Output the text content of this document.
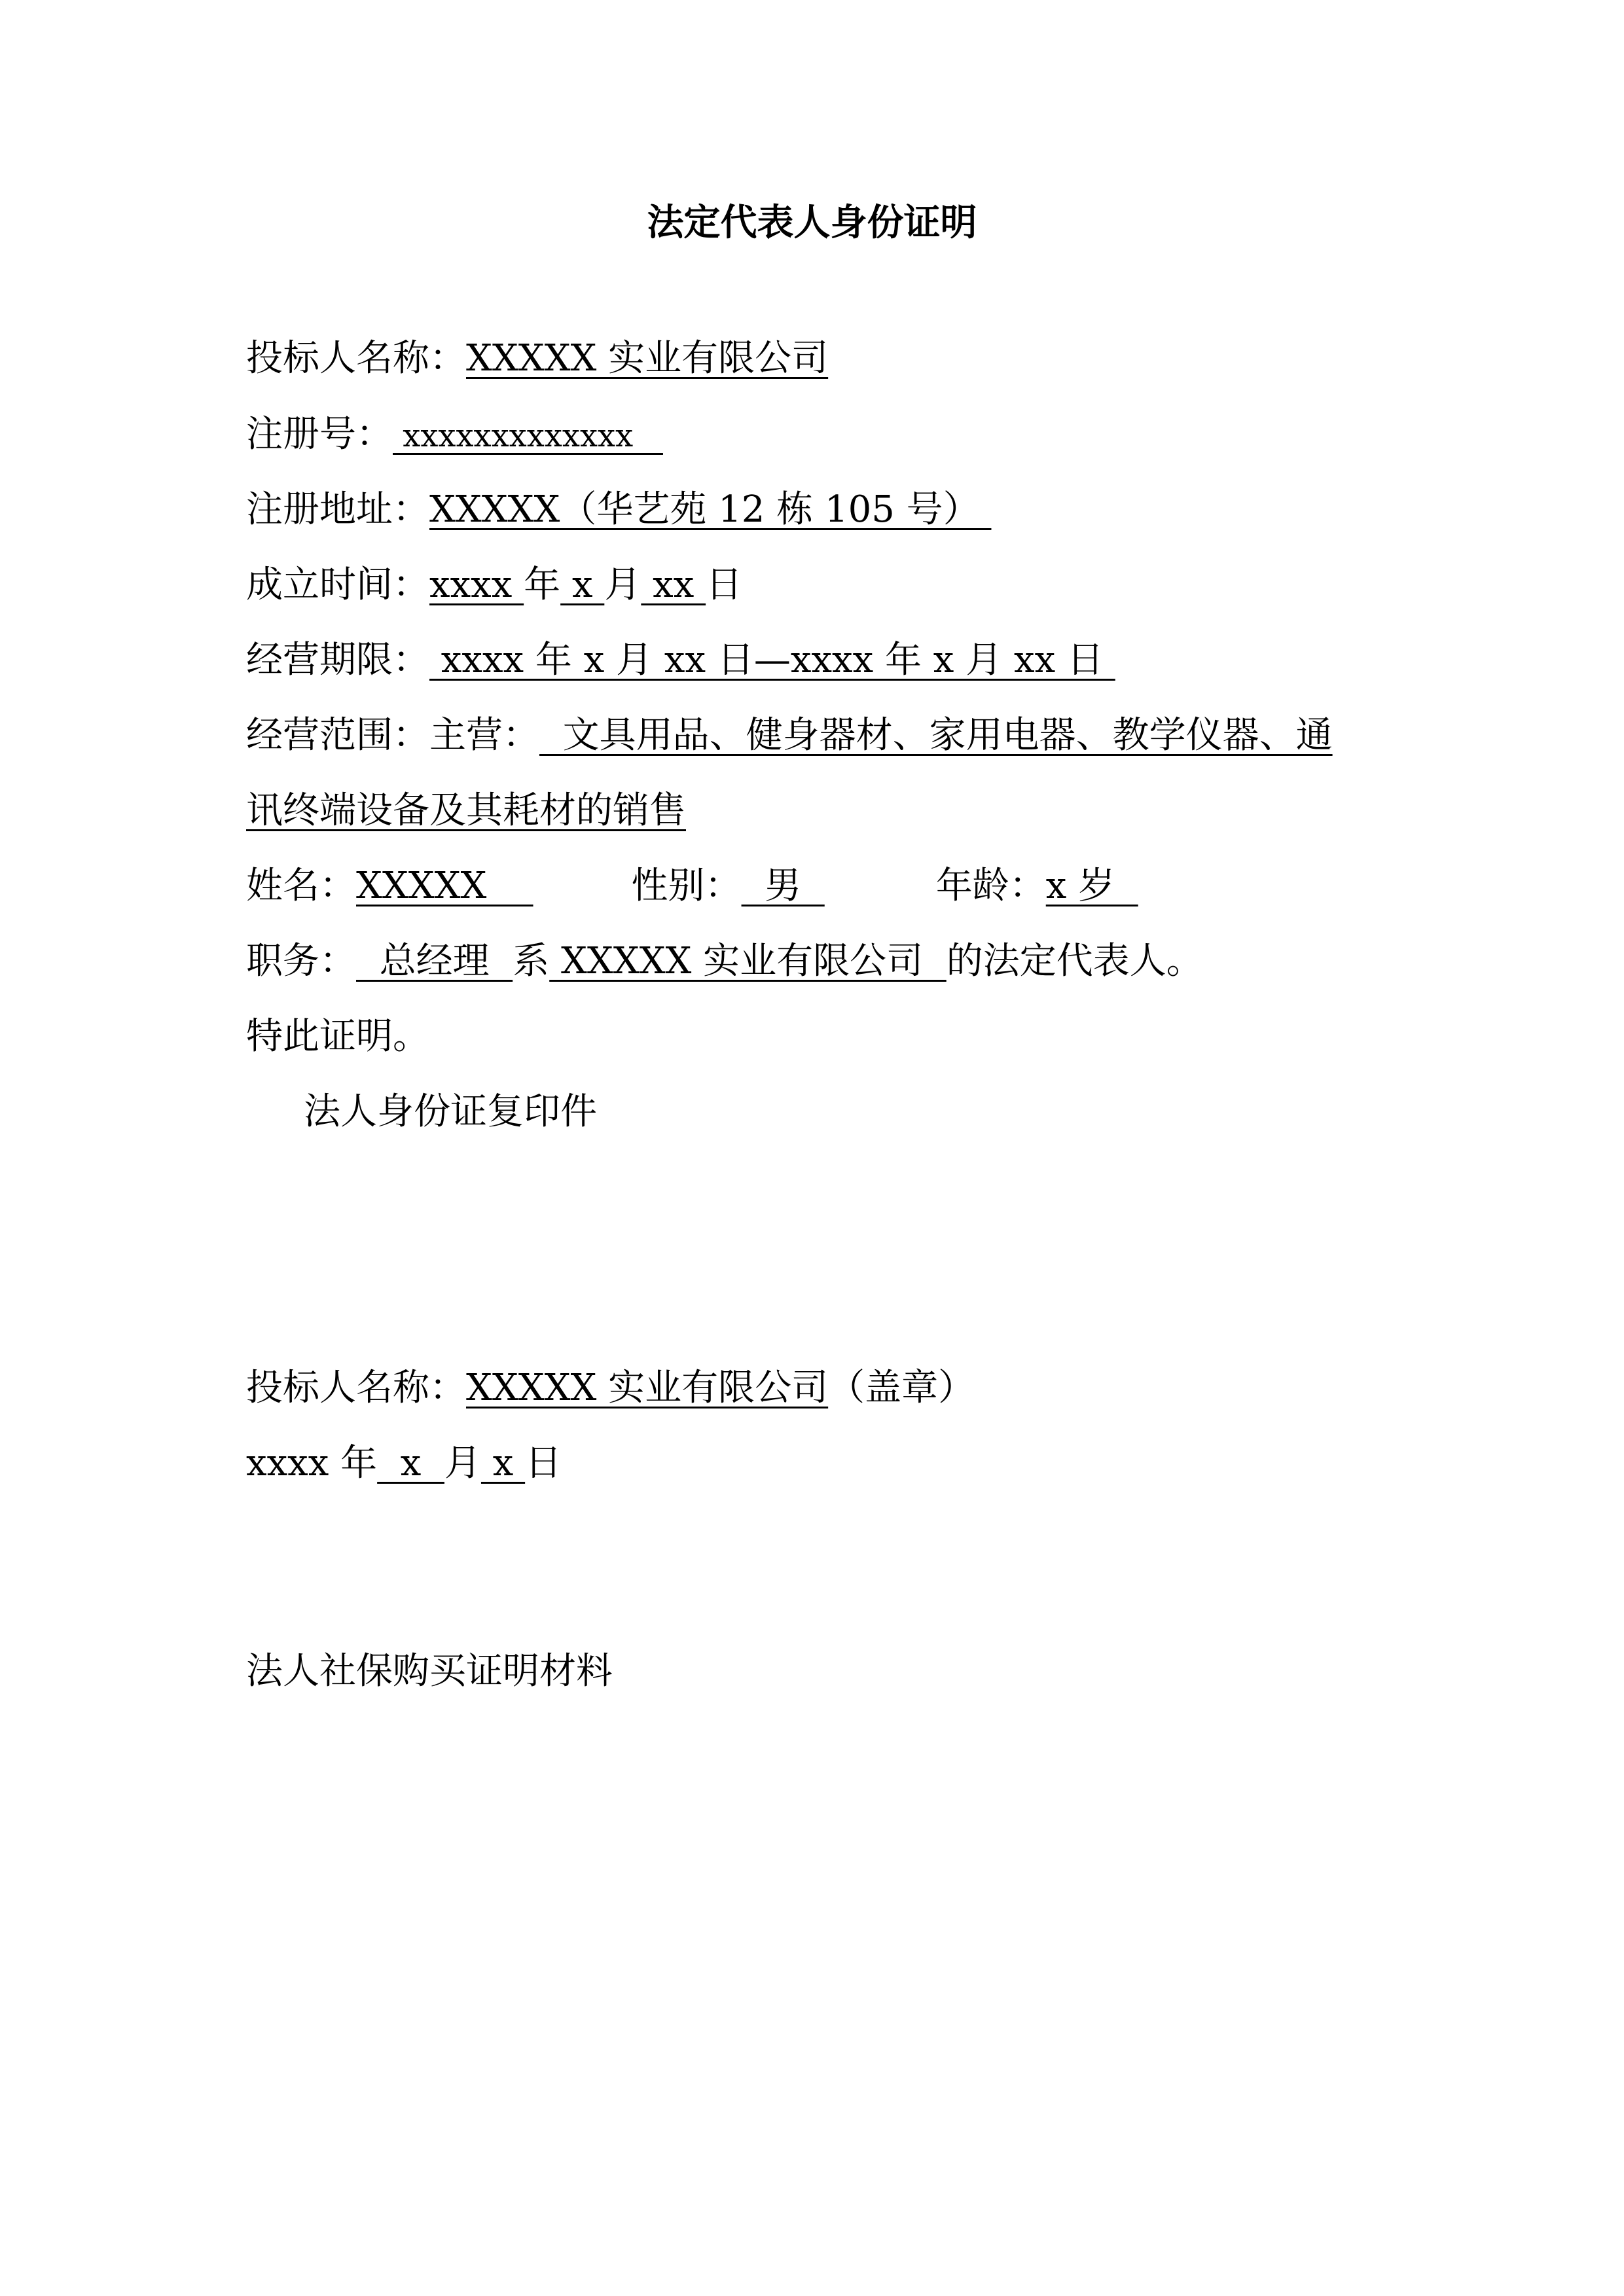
法定代表人身份证明

投标人名称：XXXXX 实业有限公司

注册号： xxxxxxxxxxxxx

注册地址：XXXXX（华艺苑 12 栋 105 号）

成立时间：xxxx 年 x 月 xx 日

经营期限： xxxx 年 x 月 xx 日—xxxx 年 x 月 xx 日

经营范围：主营：  文具用品、健身器材、家用电器、教学仪器、通

讯终端设备及其耗材的销售

姓名：XXXXX	性别：  男	年龄：x 岁

职务：  总经理  系 XXXXX 实业有限公司  的法定代表人。

特此证明。

法人身份证复印件

投标人名称：XXXXX 实业有限公司（盖章）

xxxx 年  x  月 x 日

法人社保购买证明材料
